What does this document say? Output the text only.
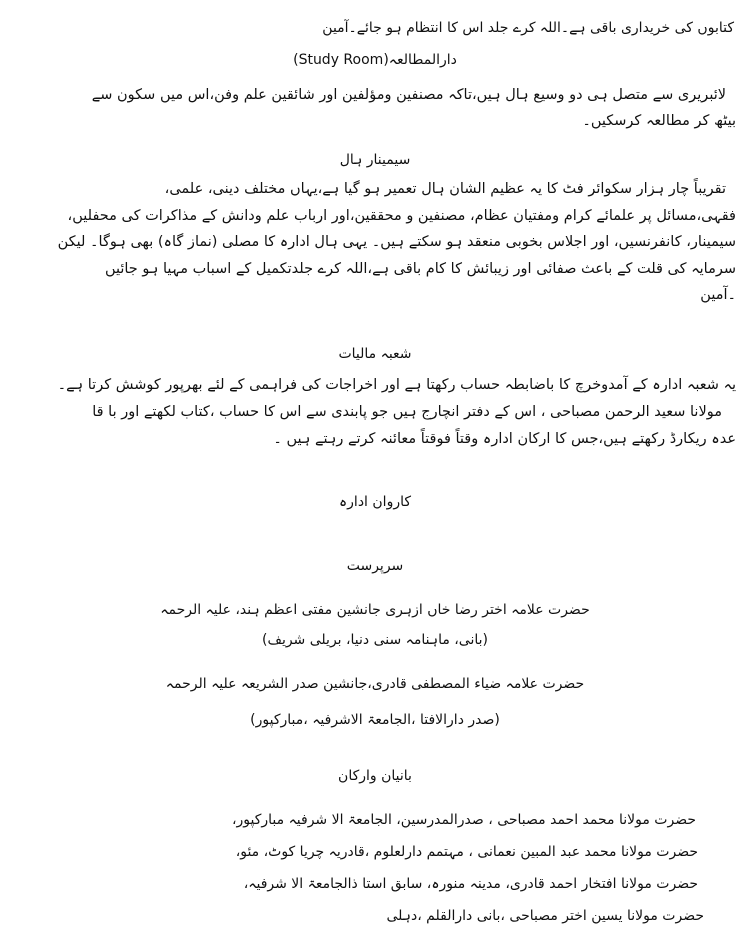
کتابوں کی خریداری باقی ہے۔اللہ کرے جلد اس کا انتظام ہو جائے۔آمین

دارالمطالعہ(Study Room)

لائبریری سے متصل ہی دو وسیع ہال ہیں،تاکہ مصنفین ومؤلفین اور شائقین علم وفن،اس میں سکون سے

بیٹھ کر مطالعہ کرسکیں۔

سیمینار ہال

تقریباً چار ہزار سکوائر فٹ کا یہ عظیم الشان ہال تعمیر ہو گیا ہے،یہاں مختلف دینی، علمی،

فقہی،مسائل پر علمائے کرام ومفتیان عظام، مصنفین و محققین،اور ارباب علم ودانش کے مذاکرات کی محفلیں،

سیمینار، کانفرنسیں، اور اجلاس بخوبی منعقد ہو سکتے ہیں۔ یہی ہال ادارہ کا مصلی (نماز گاہ) بھی ہوگا۔ لیکن

سرمایہ کی قلت کے باعث صفائی اور زیبائش کا کام باقی ہے،اللہ کرے جلدتکمیل کے اسباب مہیا ہو جائیں

۔آمین

شعبہ مالیات

یہ شعبہ ادارہ کے آمدوخرچ کا باضابطہ حساب رکھتا ہے اور اخراجات کی فراہمی کے لئے بھرپور کوشش کرتا ہے۔

مولانا سعید الرحمن مصباحی ، اس کے دفتر انچارج ہیں جو پابندی سے اس کا حساب ،کتاب لکھتے اور با قا

عدہ ریکارڈ رکھتے ہیں،جس کا ارکان ادارہ وقتاً فوقتاً معائنہ کرتے رہتے ہیں ۔

کاروان ادارہ

سرپرست

حضرت علامہ اختر رضا خاں ازہری جانشین مفتی اعظم ہند، علیہ الرحمہ

(بانی، ماہنامہ سنی دنیا، بریلی شریف)

حضرت علامہ ضیاء المصطفی قادری،جانشین صدر الشریعہ علیہ الرحمہ

(صدر دارالافتا ،الجامعۃ الاشرفیہ ،مبارکپور)

بانیان وارکان

حضرت مولانا محمد احمد مصباحی ، صدرالمدرسین، الجامعۃ الا شرفیہ مبارکپور،

حضرت مولانا محمد عبد المبین نعمانی ، مہتمم دارلعلوم ،قادریہ چریا کوٹ، مئو،

حضرت مولانا افتخار احمد قادری، مدینہ منورہ، سابق استا ذالجامعۃ الا شرفیہ،

حضرت مولانا یسین اختر مصباحی ،بانی دارالقلم ،دہلی
